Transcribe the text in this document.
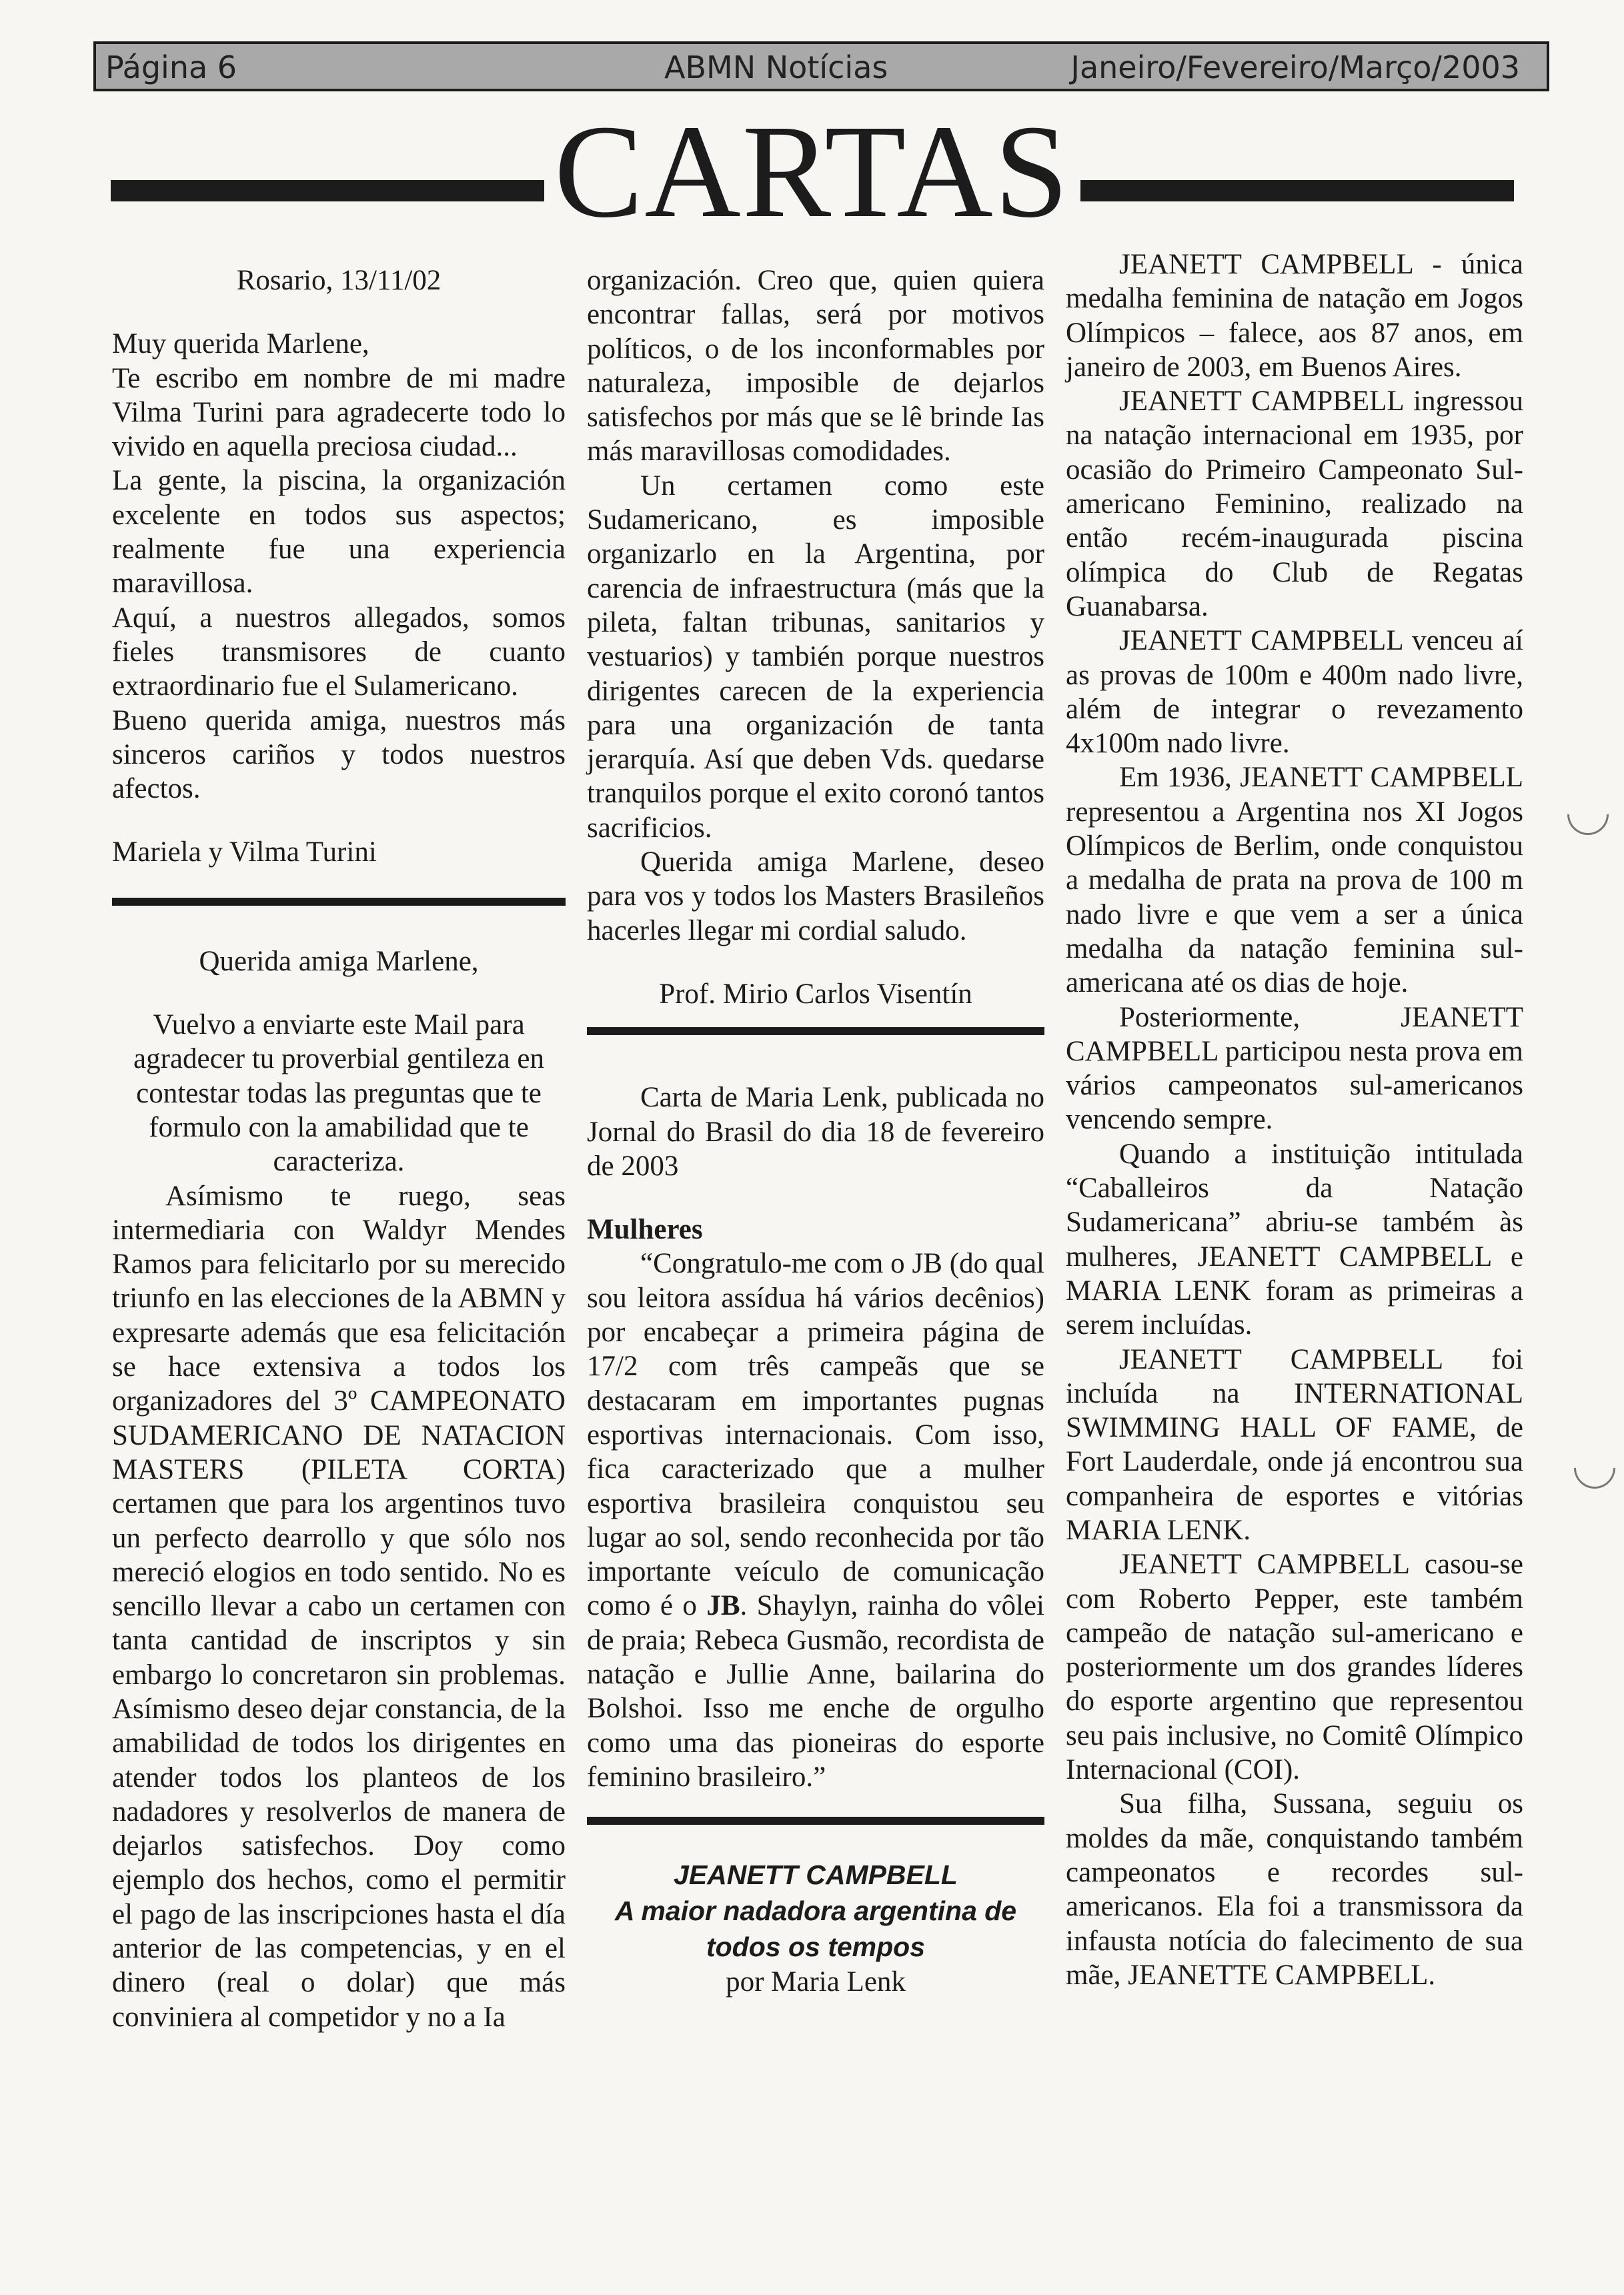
Página 6	ABMN Notícias	Janeiro/Fevereiro/Março/2003
CARTAS

Rosario, 13/11/02

Muy querida Marlene,

Te escribo em nombre de mi madre Vilma Turini para agradecerte todo lo vivido en aquella preciosa ciudad...

La gente, la piscina, la organización excelente en todos sus aspectos; realmente fue una experiencia maravillosa.

Aquí, a nuestros allegados, somos fieles transmisores de cuanto extraordinario fue el Sulamericano.

Bueno querida amiga, nuestros más sinceros cariños y todos nuestros afectos.

Mariela y Vilma Turini

Querida amiga Marlene,

Vuelvo a enviarte este Mail para agradecer tu proverbial gentileza en contestar todas las preguntas que te formulo con la amabilidad que te caracteriza.

Asímismo te ruego, seas intermediaria con Waldyr Mendes Ramos para felicitarlo por su merecido triunfo en las elecciones de la ABMN y expresarte además que esa felicitación se hace extensiva a todos los organizadores del 3º CAMPEONATO SUDAMERICANO DE NATACION MASTERS (PILETA CORTA) certamen que para los argentinos tuvo un perfecto dearrollo y que sólo nos mereció elogios en todo sentido. No es sencillo llevar a cabo un certamen con tanta cantidad de inscriptos y sin embargo lo concretaron sin problemas. Asímismo deseo dejar constancia, de la amabilidad de todos los dirigentes en atender todos los planteos de los nadadores y resolverlos de manera de dejarlos satisfechos. Doy como ejemplo dos hechos, como el permitir el pago de las inscripciones hasta el día anterior de las competencias, y en el dinero (real o dolar) que más conviniera al competidor y no a Ia

organización. Creo que, quien quiera encontrar fallas, será por motivos políticos, o de los inconformables por naturaleza, imposible de dejarlos satisfechos por más que se lê brinde Ias más maravillosas comodidades.

Un certamen como este Sudamericano, es imposible organizarlo en la Argentina, por carencia de infraestructura (más que la pileta, faltan tribunas, sanitarios y vestuarios) y también porque nuestros dirigentes carecen de la experiencia para una organización de tanta jerarquía. Así que deben Vds. quedarse tranquilos porque el exito coronó tantos sacrificios.

Querida amiga Marlene, deseo para vos y todos los Masters Brasileños hacerles llegar mi cordial saludo.

Prof. Mirio Carlos Visentín

Carta de Maria Lenk, publicada no Jornal do Brasil do dia 18 de fevereiro de 2003

Mulheres

“Congratulo-me com o JB (do qual sou leitora assídua há vários decênios) por encabeçar a primeira página de 17/2 com três campeãs que se destacaram em importantes pugnas esportivas internacionais. Com isso, fica caracterizado que a mulher esportiva brasileira conquistou seu lugar ao sol, sendo reconhecida por tão importante veículo de comunicação como é o JB. Shaylyn, rainha do vôlei de praia; Rebeca Gusmão, recordista de natação e Jullie Anne, bailarina do Bolshoi. Isso me enche de orgulho como uma das pioneiras do esporte feminino brasileiro.”

JEANETT CAMPBELL

A maior nadadora argentina de todos os tempos

por Maria Lenk

JEANETT CAMPBELL - única medalha feminina de natação em Jogos Olímpicos – falece, aos 87 anos, em janeiro de 2003, em Buenos Aires.

JEANETT CAMPBELL ingressou na natação internacional em 1935, por ocasião do Primeiro Campeonato Sul-americano Feminino, realizado na então recém-inaugurada piscina olímpica do Club de Regatas Guanabarsa.

JEANETT CAMPBELL venceu aí as provas de 100m e 400m nado livre, além de integrar o revezamento 4x100m nado livre.

Em 1936, JEANETT CAMPBELL representou a Argentina nos XI Jogos Olímpicos de Berlim, onde conquistou a medalha de prata na prova de 100 m nado livre e que vem a ser a única medalha da natação feminina sul-americana até os dias de hoje.

Posteriormente, JEANETT CAMPBELL participou nesta prova em vários campeonatos sul-americanos vencendo sempre.

Quando a instituição intitulada “Caballeiros da Natação Sudamericana” abriu-se também às mulheres, JEANETT CAMPBELL e MARIA LENK foram as primeiras a serem incluídas.

JEANETT CAMPBELL foi incluída na INTERNATIONAL SWIMMING HALL OF FAME, de Fort Lauderdale, onde já encontrou sua companheira de esportes e vitórias MARIA LENK.

JEANETT CAMPBELL casou-se com Roberto Pepper, este também campeão de natação sul-americano e posteriormente um dos grandes líderes do esporte argentino que representou seu pais inclusive, no Comitê Olímpico Internacional (COI).

Sua filha, Sussana, seguiu os moldes da mãe, conquistando também campeonatos e recordes sul-americanos. Ela foi a transmissora da infausta notícia do falecimento de sua mãe, JEANETTE CAMPBELL.
